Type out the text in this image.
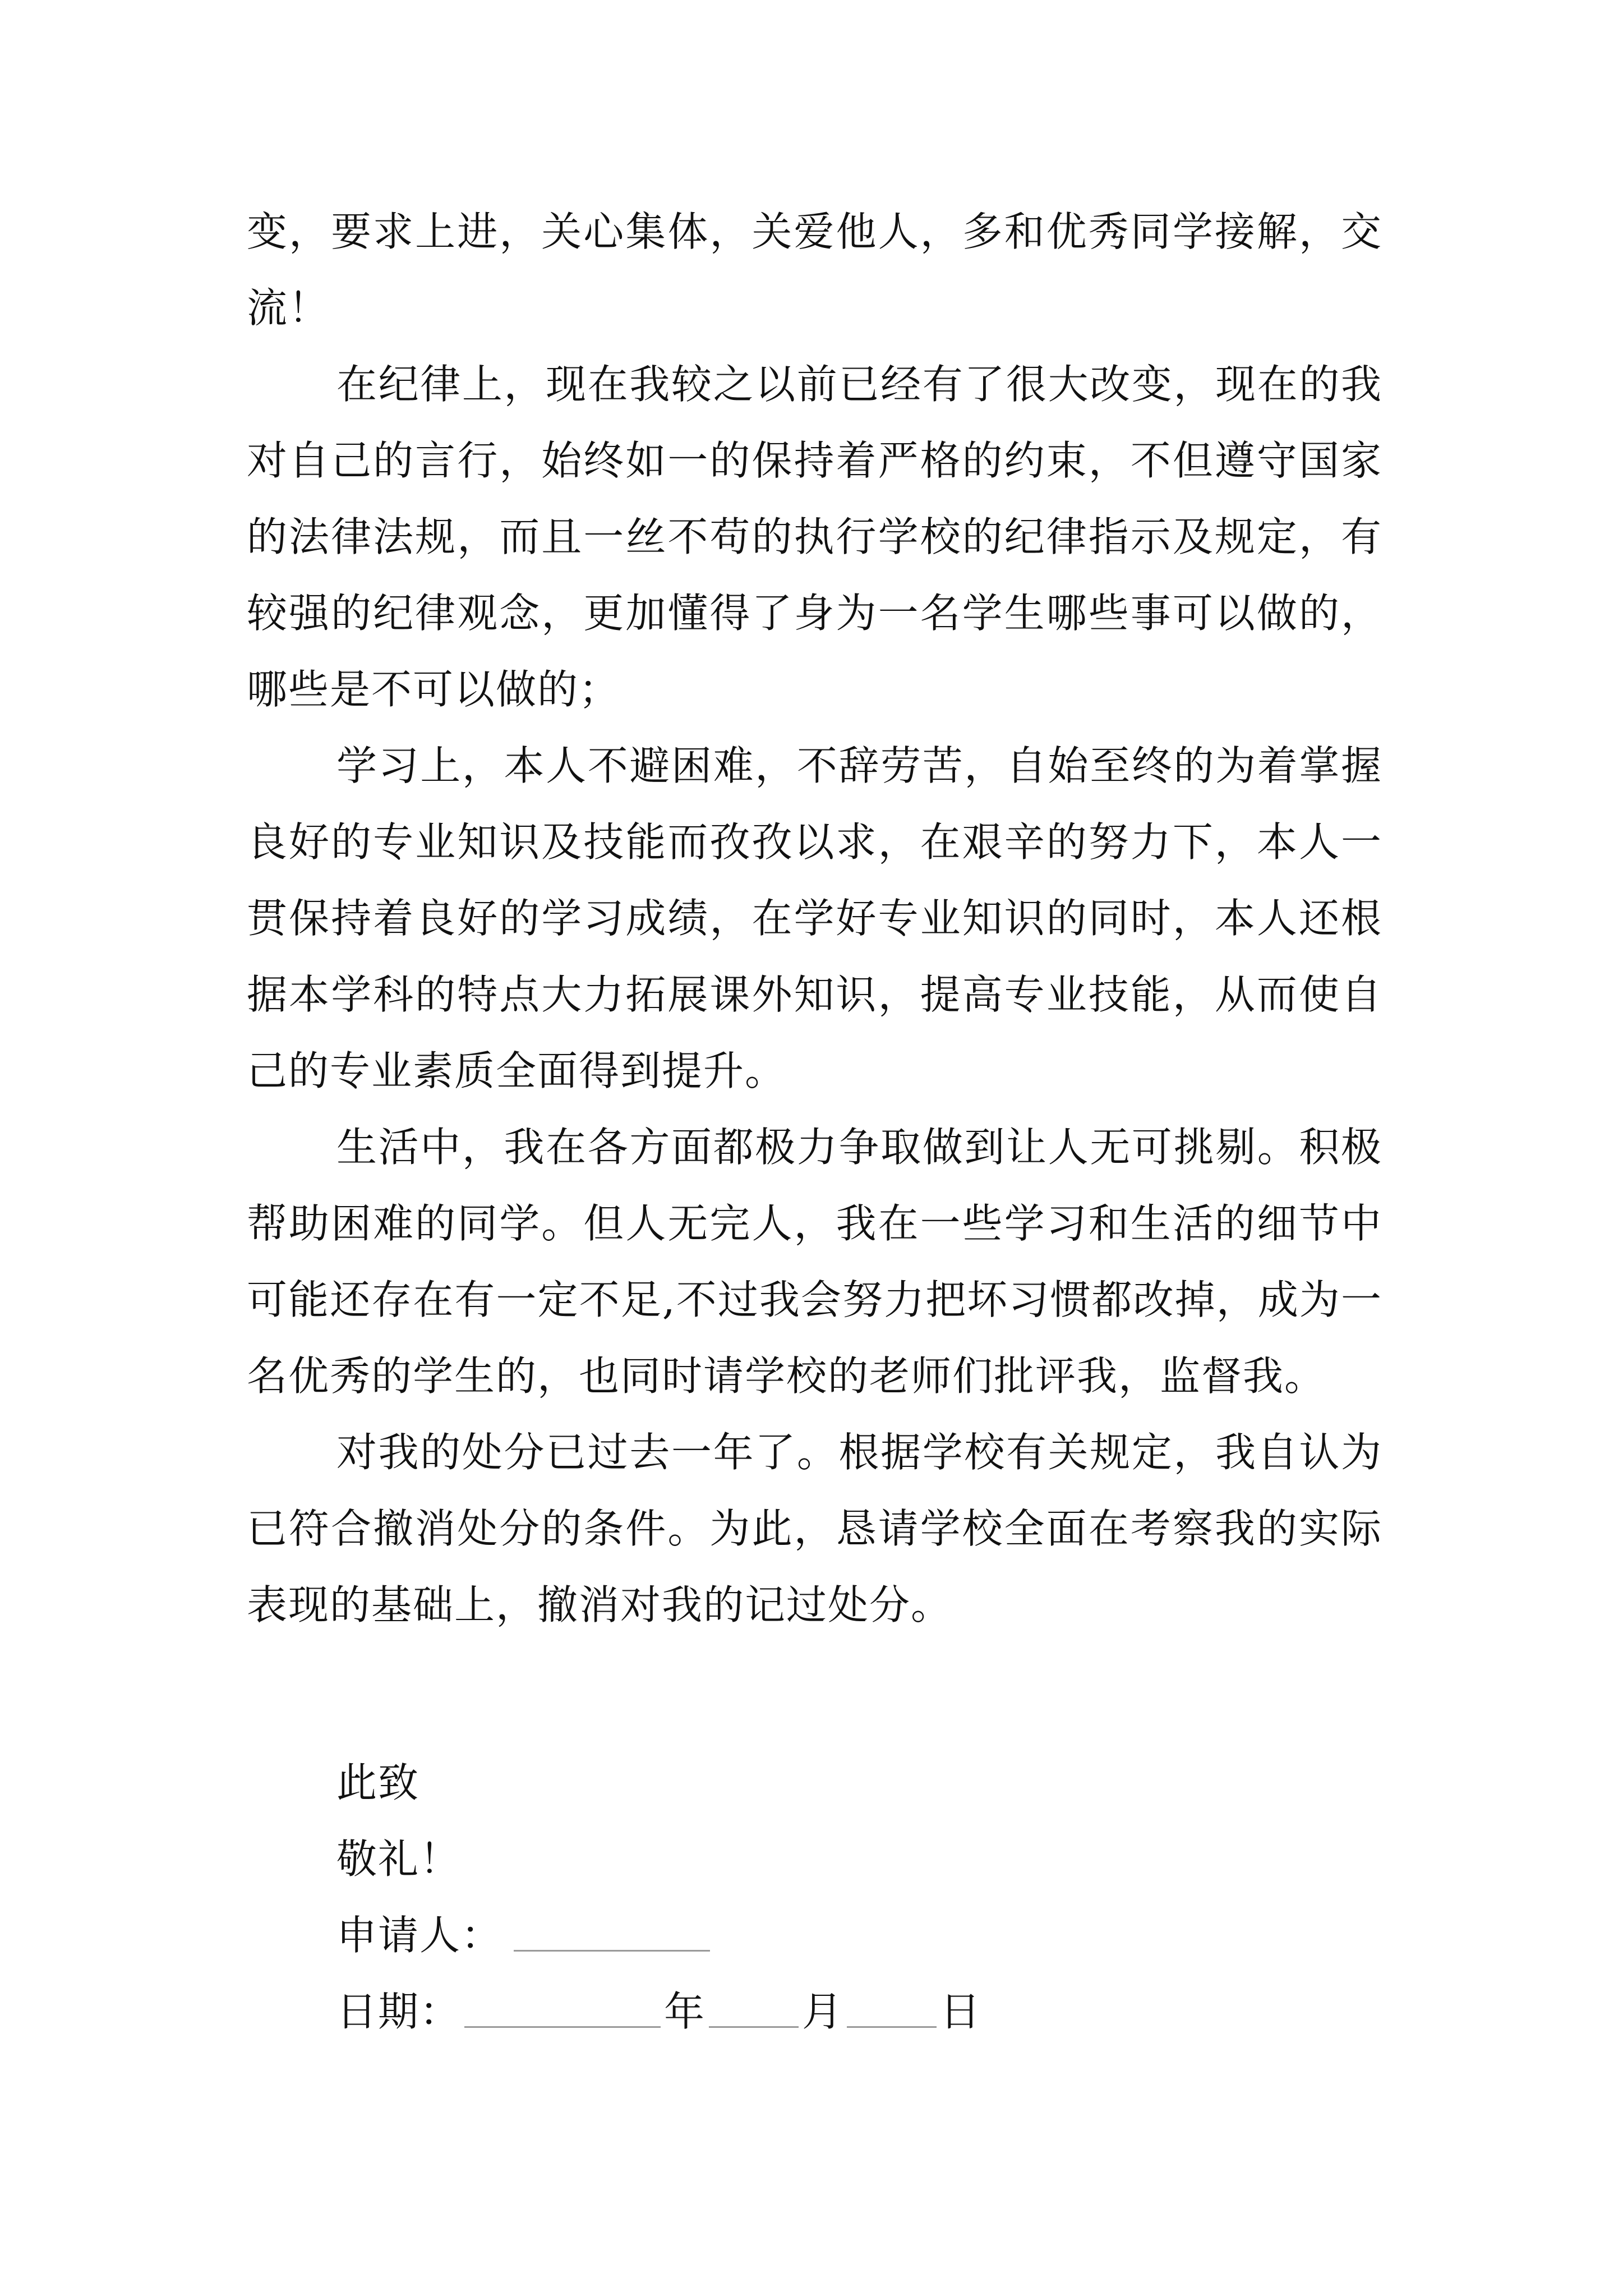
变，要求上进，关心集体，关爱他人，多和优秀同学接解，交流！

在纪律上，现在我较之以前已经有了很大改变，现在的我对自己的言行，始终如一的保持着严格的约束，不但遵守国家的法律法规，而且一丝不苟的执行学校的纪律指示及规定，有较强的纪律观念，更加懂得了身为一名学生哪些事可以做的，哪些是不可以做的；

学习上，本人不避困难，不辞劳苦，自始至终的为着掌握良好的专业知识及技能而孜孜以求，在艰辛的努力下，本人一贯保持着良好的学习成绩，在学好专业知识的同时，本人还根据本学科的特点大力拓展课外知识，提高专业技能，从而使自己的专业素质全面得到提升。

生活中，我在各方面都极力争取做到让人无可挑剔。积极帮助困难的同学。但人无完人，我在一些学习和生活的细节中可能还存在有一定不足,不过我会努力把坏习惯都改掉，成为一名优秀的学生的，也同时请学校的老师们批评我，监督我。

对我的处分已过去一年了。根据学校有关规定，我自认为已符合撤消处分的条件。为此，恳请学校全面在考察我的实际表现的基础上，撤消对我的记过处分。

此致

敬礼！

申请人：

日期：	年 月 日
